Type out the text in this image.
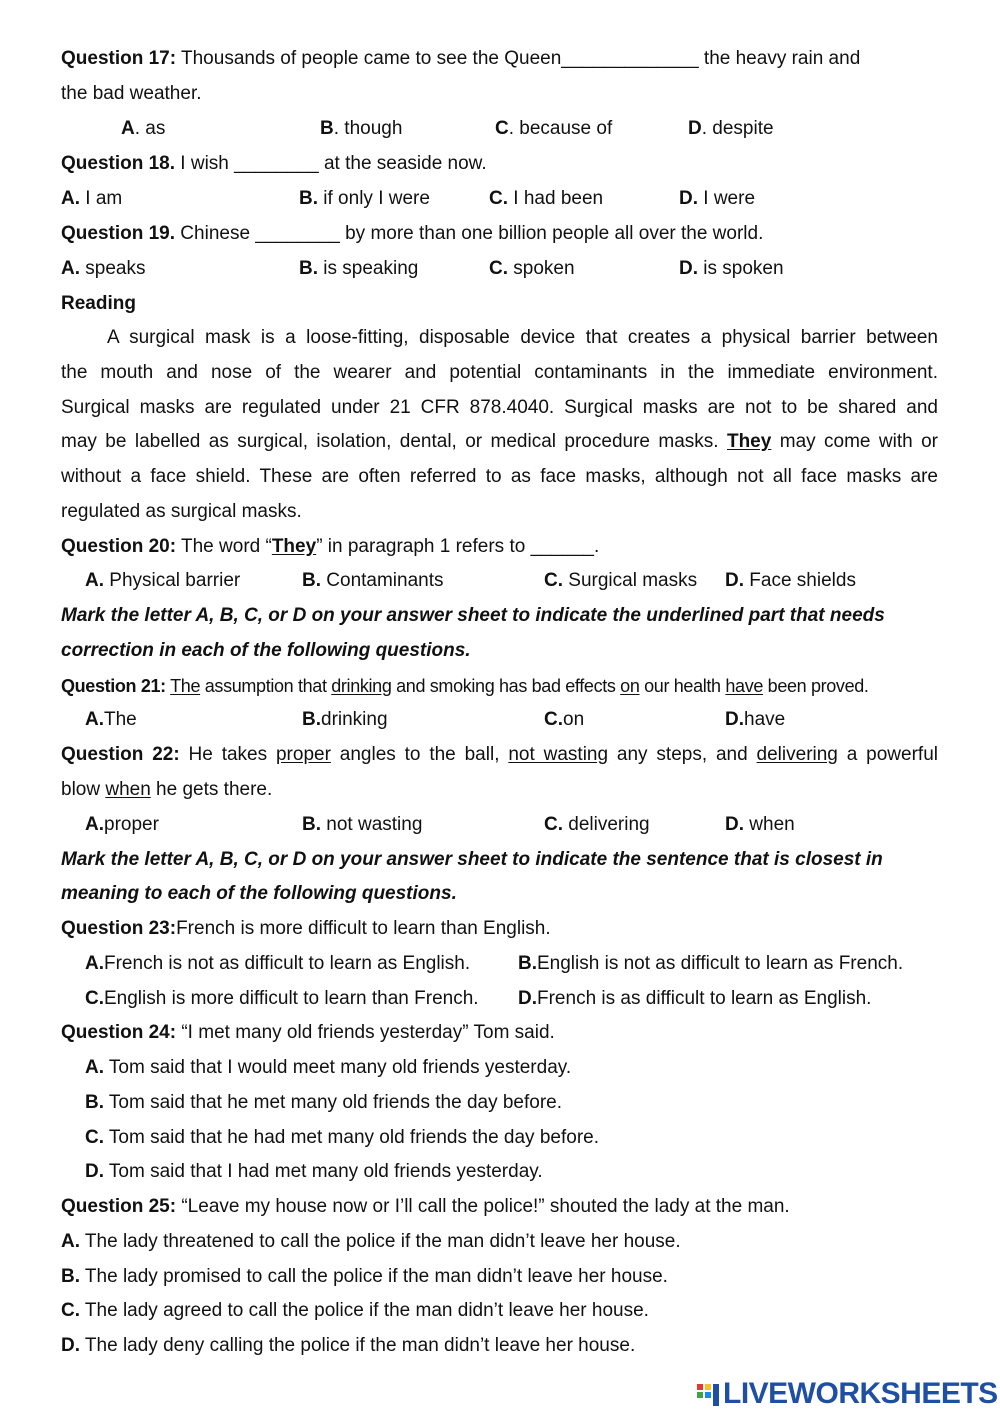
Question 17: Thousands of people came to see the Queen_____________ the heavy rain and
the bad weather.
A. as	B. though	C. because of	D. despite
Question 18. I wish ________ at the seaside now.
A. I am	B. if only I were	C. I had been	D. I were
Question 19. Chinese ________ by more than one billion people all over the world.
A. speaks	B. is speaking	C. spoken	D. is spoken
Reading
A surgical mask is a loose-fitting, disposable device that creates a physical barrier between
the mouth and nose of the wearer and potential contaminants in the immediate environment.
Surgical masks are regulated under 21 CFR 878.4040. Surgical masks are not to be shared and
may be labelled as surgical, isolation, dental, or medical procedure masks. They may come with or
without a face shield. These are often referred to as face masks, although not all face masks are
regulated as surgical masks.
Question 20: The word “They” in paragraph 1 refers to ______.
A. Physical barrier	B. Contaminants	C. Surgical masks D. Face shields
Mark the letter A, B, C, or D on your answer sheet to indicate the underlined part that needs
correction in each of the following questions.
Question 21: The assumption that drinking and smoking has bad effects on our health have been proved.
A.The	B.drinking	C.on	D.have
Question 22: He takes proper angles to the ball, not wasting any steps, and delivering a powerful
blow when he gets there.
A.proper	B. not wasting	C. delivering	D. when
Mark the letter A, B, C, or D on your answer sheet to indicate the sentence that is closest in
meaning to each of the following questions.
Question 23:French is more difficult to learn than English.
A.French is not as difficult to learn as English.	B.English is not as difficult to learn as French.
C.English is more difficult to learn than French. D.French is as difficult to learn as English.
Question 24: “I met many old friends yesterday” Tom said.
A. Tom said that I would meet many old friends yesterday.
B. Tom said that he met many old friends the day before.
C. Tom said that he had met many old friends the day before.
D. Tom said that I had met many old friends yesterday.
Question 25: “Leave my house now or I’ll call the police!” shouted the lady at the man.
A. The lady threatened to call the police if the man didn’t leave her house.
B. The lady promised to call the police if the man didn’t leave her house.
C. The lady agreed to call the police if the man didn’t leave her house.
D. The lady deny calling the police if the man didn’t leave her house.
LIVEWORKSHEETS
